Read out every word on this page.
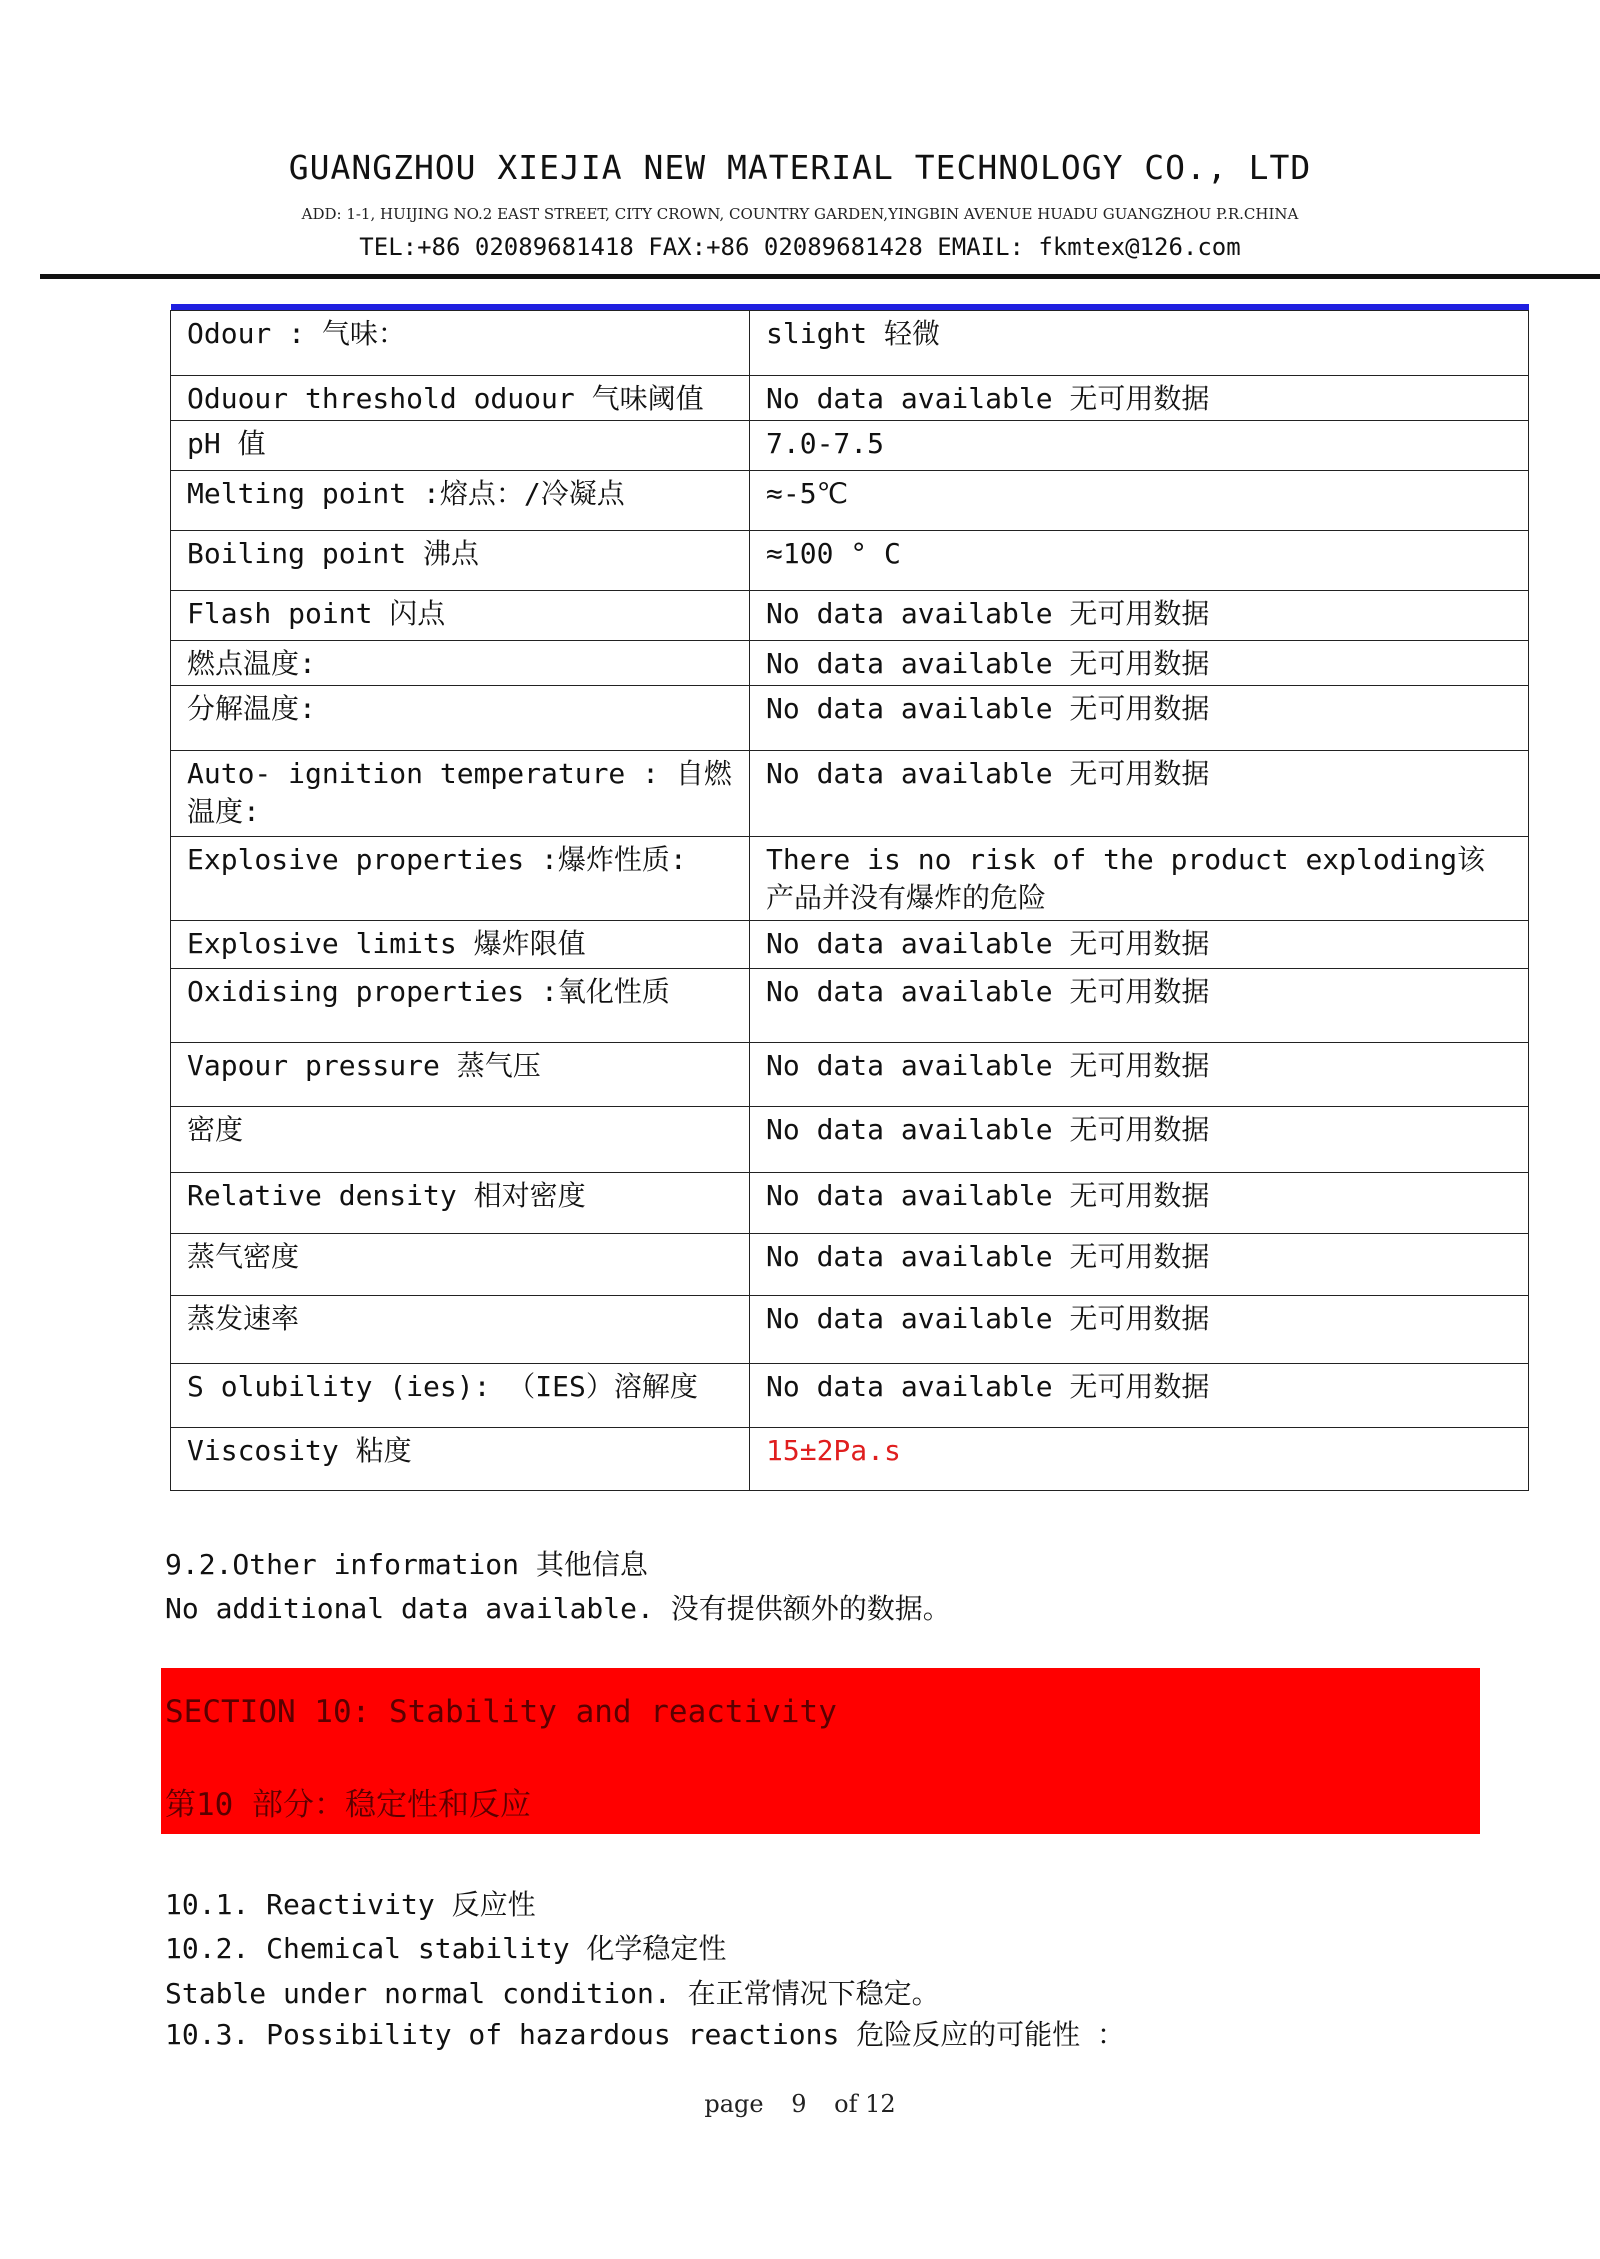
GUANGZHOU XIEJIA NEW MATERIAL TECHNOLOGY CO., LTD
ADD: 1-1, HUIJING NO.2 EAST STREET, CITY CROWN, COUNTRY GARDEN,YINGBIN AVENUE HUADU GUANGZHOU P.R.CHINA
TEL:+86 02089681418 FAX:+86 02089681428 EMAIL: fkmtex@126.com
Odour : 气味：	slight 轻微
Oduour threshold oduour 气味阈值	No data available 无可用数据
pH 值	7.0-7.5
Melting point :熔点：/冷凝点	≈-5℃
Boiling point 沸点	≈100 ° C
Flash point 闪点	No data available 无可用数据
燃点温度:	No data available 无可用数据
分解温度:	No data available 无可用数据
Auto- ignition temperature : 自燃温度:	No data available 无可用数据
Explosive properties :爆炸性质:	There is no risk of the product exploding该产品并没有爆炸的危险
Explosive limits 爆炸限值	No data available 无可用数据
Oxidising properties :氧化性质	No data available 无可用数据
Vapour pressure 蒸气压	No data available 无可用数据
密度	No data available 无可用数据
Relative density 相对密度	No data available 无可用数据
蒸气密度	No data available 无可用数据
蒸发速率	No data available 无可用数据
S olubility (ies): （IES）溶解度	No data available 无可用数据
Viscosity 粘度	15±2Pa.s
9.2.Other information 其他信息
No additional data available. 没有提供额外的数据。
SECTION 10: Stability and reactivity
第10 部分：稳定性和反应
10.1. Reactivity 反应性
10.2. Chemical stability 化学稳定性
Stable under normal condition. 在正常情况下稳定。
10.3. Possibility of hazardous reactions 危险反应的可能性 ：
page 9 of 12
